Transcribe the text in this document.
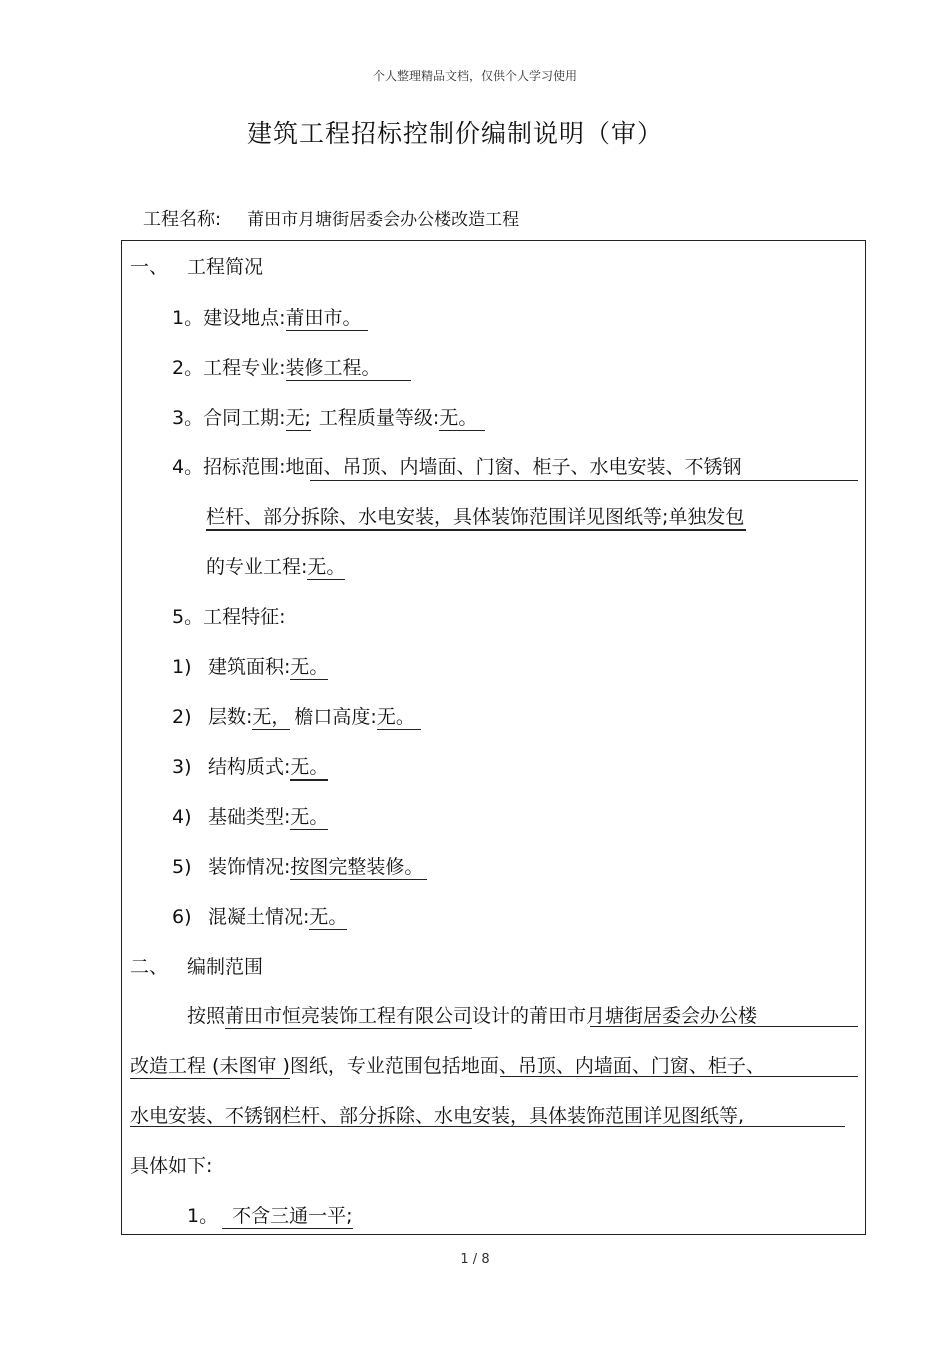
个人整理精品文档，仅供个人学习使用
建筑工程招标控制价编制说明（审）
工程名称: 莆田市月塘街居委会办公楼改造工程
一、 工程简况
1。建设地点:莆田市。
2。工程专业:装修工程。
3。合同工期:无; 工程质量等级:无。
4。招标范围:地面、吊顶、内墙面、门窗、柜子、水电安装、不锈钢
栏杆、部分拆除、水电安装，具体装饰范围详见图纸等;单独发包
的专业工程:无。
5。工程特征:
1) 建筑面积:无。
2) 层数:无， 檐口高度:无。
3) 结构质式:无。
4) 基础类型:无。
5) 装饰情况:按图完整装修。
6) 混凝土情况:无。
二、 编制范围
按照莆田市恒亮装饰工程有限公司设计的莆田市月塘街居委会办公楼
改造工程 (未图审 )图纸，专业范围包括地面、吊顶、内墙面、门窗、柜子、
水电安装、不锈钢栏杆、部分拆除、水电安装，具体装饰范围详见图纸等,
具体如下:
1。 不含三通一平;
1 / 8
